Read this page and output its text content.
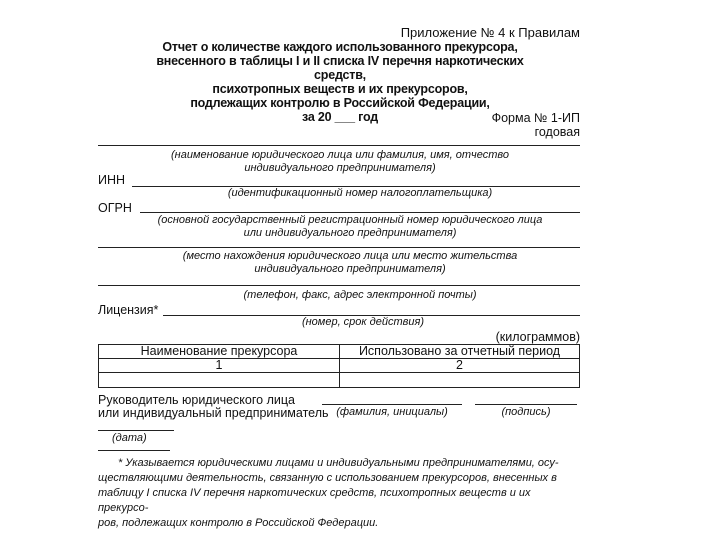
Приложение № 4 к Правилам
Отчет о количестве каждого использованного прекурсора,
внесенного в таблицы I и II списка IV перечня наркотических средств,
психотропных веществ и их прекурсоров,
подлежащих контролю в Российской Федерации,
за 20 ___ год	Форма № 1-ИП
годовая
(наименование юридического лица или фамилия, имя, отчество
индивидуального предпринимателя)
ИНН
(идентификационный номер налогоплательщика)
ОГРН
(основной государственный регистрационный номер юридического лица
или индивидуального предпринимателя)
(место нахождения юридического лица или место жительства
индивидуального предпринимателя)
(телефон, факс, адрес электронной почты)
Лицензия*
(номер, срок действия)
(килограммов)
Наименование прекурсора	Использовано за отчетный период
1	2

Руководитель юридического лица
или индивидуальный предприниматель (фамилия, инициалы)	(подпись)
(дата)
* Указывается юридическими лицами и индивидуальными предпринимателями, осу-
ществляющими деятельность, связанную с использованием прекурсоров, внесенных в
таблицу I списка IV перечня наркотических средств, психотропных веществ и их прекурсо-
ров, подлежащих контролю в Российской Федерации.
